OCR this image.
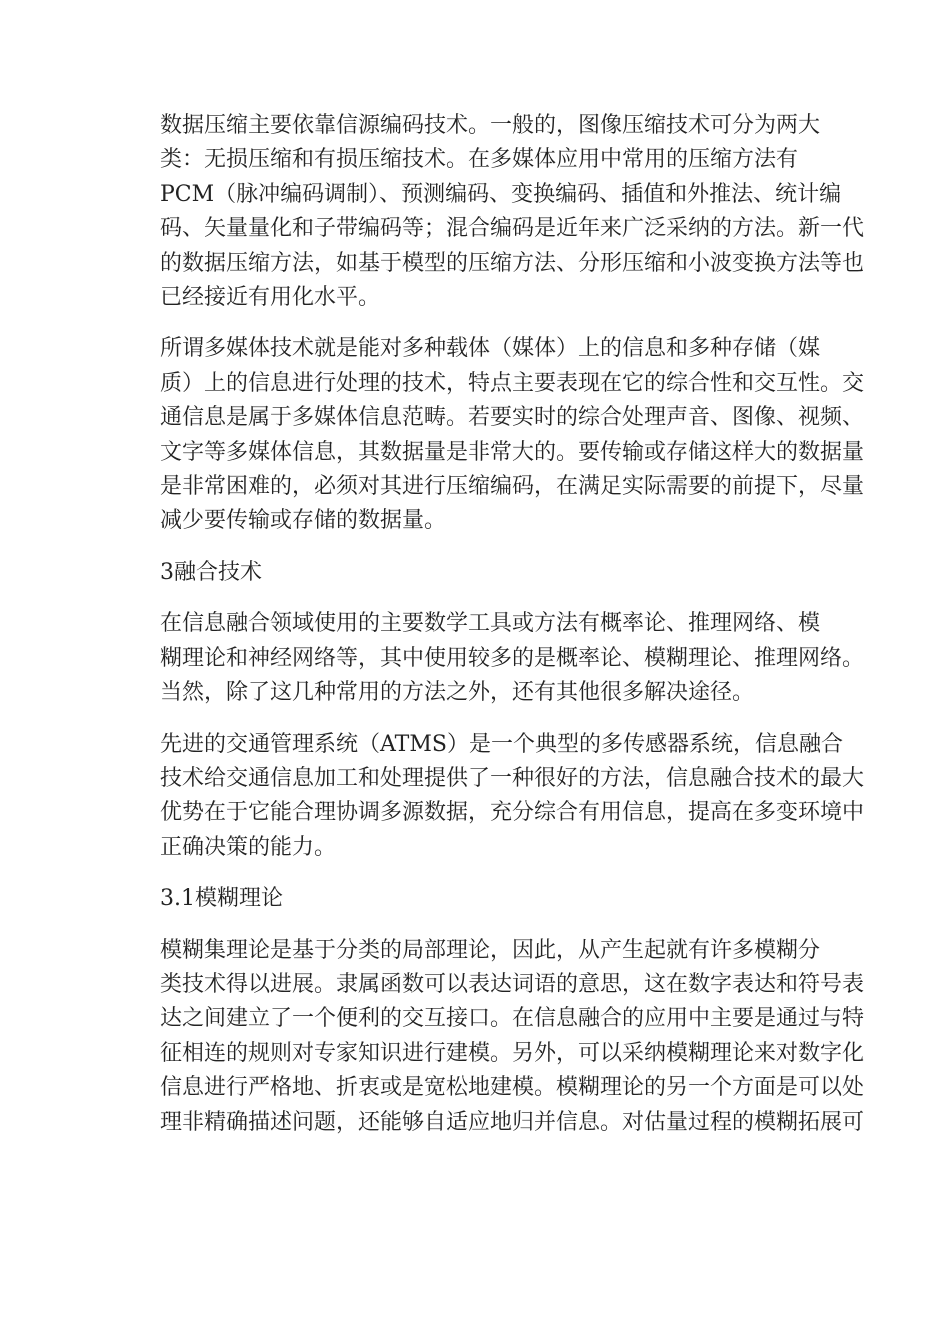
数据压缩主要依靠信源编码技术。一般的，图像压缩技术可分为两大
类：无损压缩和有损压缩技术。在多媒体应用中常用的压缩方法有
PCM（脉冲编码调制）、预测编码、变换编码、插值和外推法、统计编
码、矢量量化和子带编码等；混合编码是近年来广泛采纳的方法。新一代
的数据压缩方法，如基于模型的压缩方法、分形压缩和小波变换方法等也
已经接近有用化水平。

所谓多媒体技术就是能对多种载体（媒体）上的信息和多种存储（媒
质）上的信息进行处理的技术，特点主要表现在它的综合性和交互性。交
通信息是属于多媒体信息范畴。若要实时的综合处理声音、图像、视频、
文字等多媒体信息，其数据量是非常大的。要传输或存储这样大的数据量
是非常困难的，必须对其进行压缩编码，在满足实际需要的前提下，尽量
减少要传输或存储的数据量。

3融合技术

在信息融合领域使用的主要数学工具或方法有概率论、推理网络、模
糊理论和神经网络等，其中使用较多的是概率论、模糊理论、推理网络。
当然，除了这几种常用的方法之外，还有其他很多解决途径。

先进的交通管理系统（ATMS）是一个典型的多传感器系统，信息融合
技术给交通信息加工和处理提供了一种很好的方法，信息融合技术的最大
优势在于它能合理协调多源数据，充分综合有用信息，提高在多变环境中
正确决策的能力。

3.1模糊理论

模糊集理论是基于分类的局部理论，因此，从产生起就有许多模糊分
类技术得以进展。隶属函数可以表达词语的意思，这在数字表达和符号表
达之间建立了一个便利的交互接口。在信息融合的应用中主要是通过与特
征相连的规则对专家知识进行建模。另外，可以采纳模糊理论来对数字化
信息进行严格地、折衷或是宽松地建模。模糊理论的另一个方面是可以处
理非精确描述问题，还能够自适应地归并信息。对估量过程的模糊拓展可
